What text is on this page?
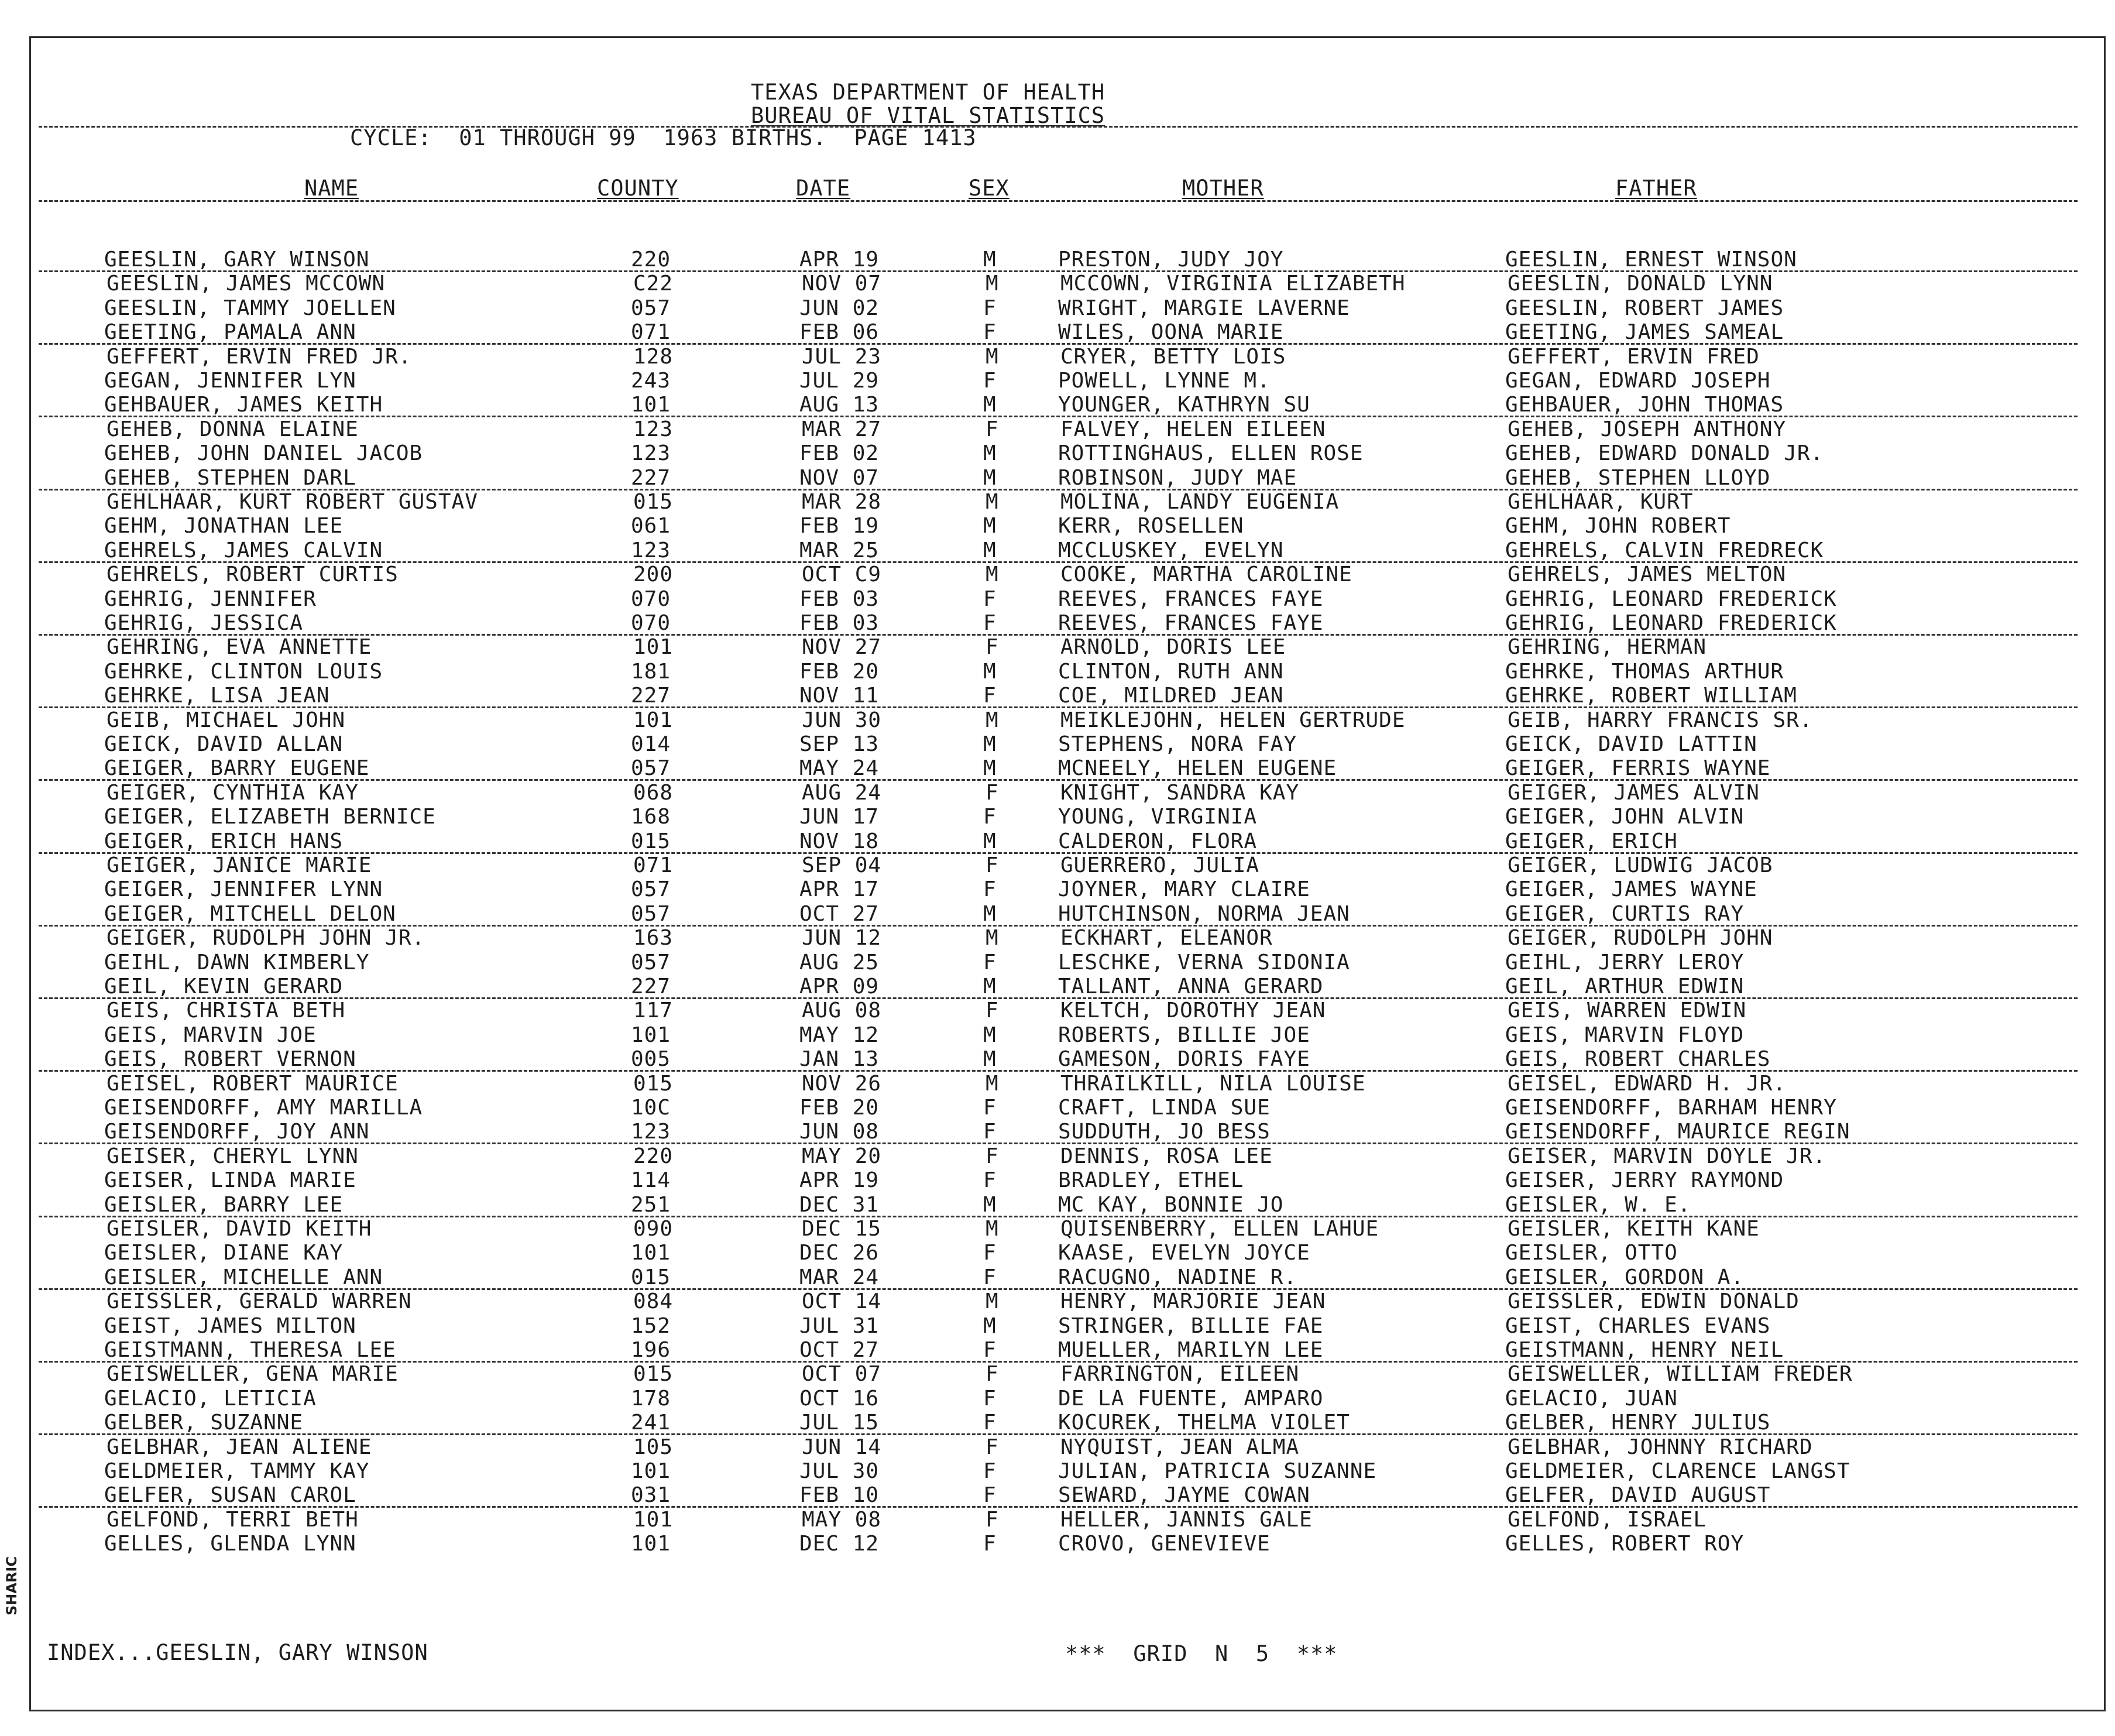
TEXAS DEPARTMENT OF HEALTH
BUREAU OF VITAL STATISTICS
CYCLE:  01 THROUGH 99  1963 BIRTHS.  PAGE 1413
NAME	COUNTY	DATE	SEX	MOTHER	FATHER
GEESLIN, GARY WINSON	220	APR 19	M	PRESTON, JUDY JOY	GEESLIN, ERNEST WINSON
GEESLIN, JAMES MCCOWN	C22	NOV 07	M	MCCOWN, VIRGINIA ELIZABETH	GEESLIN, DONALD LYNN
GEESLIN, TAMMY JOELLEN	057	JUN 02	F	WRIGHT, MARGIE LAVERNE	GEESLIN, ROBERT JAMES
GEETING, PAMALA ANN	071	FEB 06	F	WILES, OONA MARIE	GEETING, JAMES SAMEAL
GEFFERT, ERVIN FRED JR.	128	JUL 23	M	CRYER, BETTY LOIS	GEFFERT, ERVIN FRED
GEGAN, JENNIFER LYN	243	JUL 29	F	POWELL, LYNNE M.	GEGAN, EDWARD JOSEPH
GEHBAUER, JAMES KEITH	101	AUG 13	M	YOUNGER, KATHRYN SU	GEHBAUER, JOHN THOMAS
GEHEB, DONNA ELAINE	123	MAR 27	F	FALVEY, HELEN EILEEN	GEHEB, JOSEPH ANTHONY
GEHEB, JOHN DANIEL JACOB	123	FEB 02	M	ROTTINGHAUS, ELLEN ROSE	GEHEB, EDWARD DONALD JR.
GEHEB, STEPHEN DARL	227	NOV 07	M	ROBINSON, JUDY MAE	GEHEB, STEPHEN LLOYD
GEHLHAAR, KURT ROBERT GUSTAV	015	MAR 28	M	MOLINA, LANDY EUGENIA	GEHLHAAR, KURT
GEHM, JONATHAN LEE	061	FEB 19	M	KERR, ROSELLEN	GEHM, JOHN ROBERT
GEHRELS, JAMES CALVIN	123	MAR 25	M	MCCLUSKEY, EVELYN	GEHRELS, CALVIN FREDRECK
GEHRELS, ROBERT CURTIS	200	OCT C9	M	COOKE, MARTHA CAROLINE	GEHRELS, JAMES MELTON
GEHRIG, JENNIFER	070	FEB 03	F	REEVES, FRANCES FAYE	GEHRIG, LEONARD FREDERICK
GEHRIG, JESSICA	070	FEB 03	F	REEVES, FRANCES FAYE	GEHRIG, LEONARD FREDERICK
GEHRING, EVA ANNETTE	101	NOV 27	F	ARNOLD, DORIS LEE	GEHRING, HERMAN
GEHRKE, CLINTON LOUIS	181	FEB 20	M	CLINTON, RUTH ANN	GEHRKE, THOMAS ARTHUR
GEHRKE, LISA JEAN	227	NOV 11	F	COE, MILDRED JEAN	GEHRKE, ROBERT WILLIAM
GEIB, MICHAEL JOHN	101	JUN 30	M	MEIKLEJOHN, HELEN GERTRUDE	GEIB, HARRY FRANCIS SR.
GEICK, DAVID ALLAN	014	SEP 13	M	STEPHENS, NORA FAY	GEICK, DAVID LATTIN
GEIGER, BARRY EUGENE	057	MAY 24	M	MCNEELY, HELEN EUGENE	GEIGER, FERRIS WAYNE
GEIGER, CYNTHIA KAY	068	AUG 24	F	KNIGHT, SANDRA KAY	GEIGER, JAMES ALVIN
GEIGER, ELIZABETH BERNICE	168	JUN 17	F	YOUNG, VIRGINIA	GEIGER, JOHN ALVIN
GEIGER, ERICH HANS	015	NOV 18	M	CALDERON, FLORA	GEIGER, ERICH
GEIGER, JANICE MARIE	071	SEP 04	F	GUERRERO, JULIA	GEIGER, LUDWIG JACOB
GEIGER, JENNIFER LYNN	057	APR 17	F	JOYNER, MARY CLAIRE	GEIGER, JAMES WAYNE
GEIGER, MITCHELL DELON	057	OCT 27	M	HUTCHINSON, NORMA JEAN	GEIGER, CURTIS RAY
GEIGER, RUDOLPH JOHN JR.	163	JUN 12	M	ECKHART, ELEANOR	GEIGER, RUDOLPH JOHN
GEIHL, DAWN KIMBERLY	057	AUG 25	F	LESCHKE, VERNA SIDONIA	GEIHL, JERRY LEROY
GEIL, KEVIN GERARD	227	APR 09	M	TALLANT, ANNA GERARD	GEIL, ARTHUR EDWIN
GEIS, CHRISTA BETH	117	AUG 08	F	KELTCH, DOROTHY JEAN	GEIS, WARREN EDWIN
GEIS, MARVIN JOE	101	MAY 12	M	ROBERTS, BILLIE JOE	GEIS, MARVIN FLOYD
GEIS, ROBERT VERNON	005	JAN 13	M	GAMESON, DORIS FAYE	GEIS, ROBERT CHARLES
GEISEL, ROBERT MAURICE	015	NOV 26	M	THRAILKILL, NILA LOUISE	GEISEL, EDWARD H. JR.
GEISENDORFF, AMY MARILLA	10C	FEB 20	F	CRAFT, LINDA SUE	GEISENDORFF, BARHAM HENRY
GEISENDORFF, JOY ANN	123	JUN 08	F	SUDDUTH, JO BESS	GEISENDORFF, MAURICE REGIN
GEISER, CHERYL LYNN	220	MAY 20	F	DENNIS, ROSA LEE	GEISER, MARVIN DOYLE JR.
GEISER, LINDA MARIE	114	APR 19	F	BRADLEY, ETHEL	GEISER, JERRY RAYMOND
GEISLER, BARRY LEE	251	DEC 31	M	MC KAY, BONNIE JO	GEISLER, W. E.
GEISLER, DAVID KEITH	090	DEC 15	M	QUISENBERRY, ELLEN LAHUE	GEISLER, KEITH KANE
GEISLER, DIANE KAY	101	DEC 26	F	KAASE, EVELYN JOYCE	GEISLER, OTTO
GEISLER, MICHELLE ANN	015	MAR 24	F	RACUGNO, NADINE R.	GEISLER, GORDON A.
GEISSLER, GERALD WARREN	084	OCT 14	M	HENRY, MARJORIE JEAN	GEISSLER, EDWIN DONALD
GEIST, JAMES MILTON	152	JUL 31	M	STRINGER, BILLIE FAE	GEIST, CHARLES EVANS
GEISTMANN, THERESA LEE	196	OCT 27	F	MUELLER, MARILYN LEE	GEISTMANN, HENRY NEIL
GEISWELLER, GENA MARIE	015	OCT 07	F	FARRINGTON, EILEEN	GEISWELLER, WILLIAM FREDER
GELACIO, LETICIA	178	OCT 16	F	DE LA FUENTE, AMPARO	GELACIO, JUAN
GELBER, SUZANNE	241	JUL 15	F	KOCUREK, THELMA VIOLET	GELBER, HENRY JULIUS
GELBHAR, JEAN ALIENE	105	JUN 14	F	NYQUIST, JEAN ALMA	GELBHAR, JOHNNY RICHARD
GELDMEIER, TAMMY KAY	101	JUL 30	F	JULIAN, PATRICIA SUZANNE	GELDMEIER, CLARENCE LANGST
GELFER, SUSAN CAROL	031	FEB 10	F	SEWARD, JAYME COWAN	GELFER, DAVID AUGUST
GELFOND, TERRI BETH	101	MAY 08	F	HELLER, JANNIS GALE	GELFOND, ISRAEL
GELLES, GLENDA LYNN	101	DEC 12	F	CROVO, GENEVIEVE	GELLES, ROBERT ROY
INDEX...GEESLIN, GARY WINSON	***  GRID  N  5  ***
SHARIC
